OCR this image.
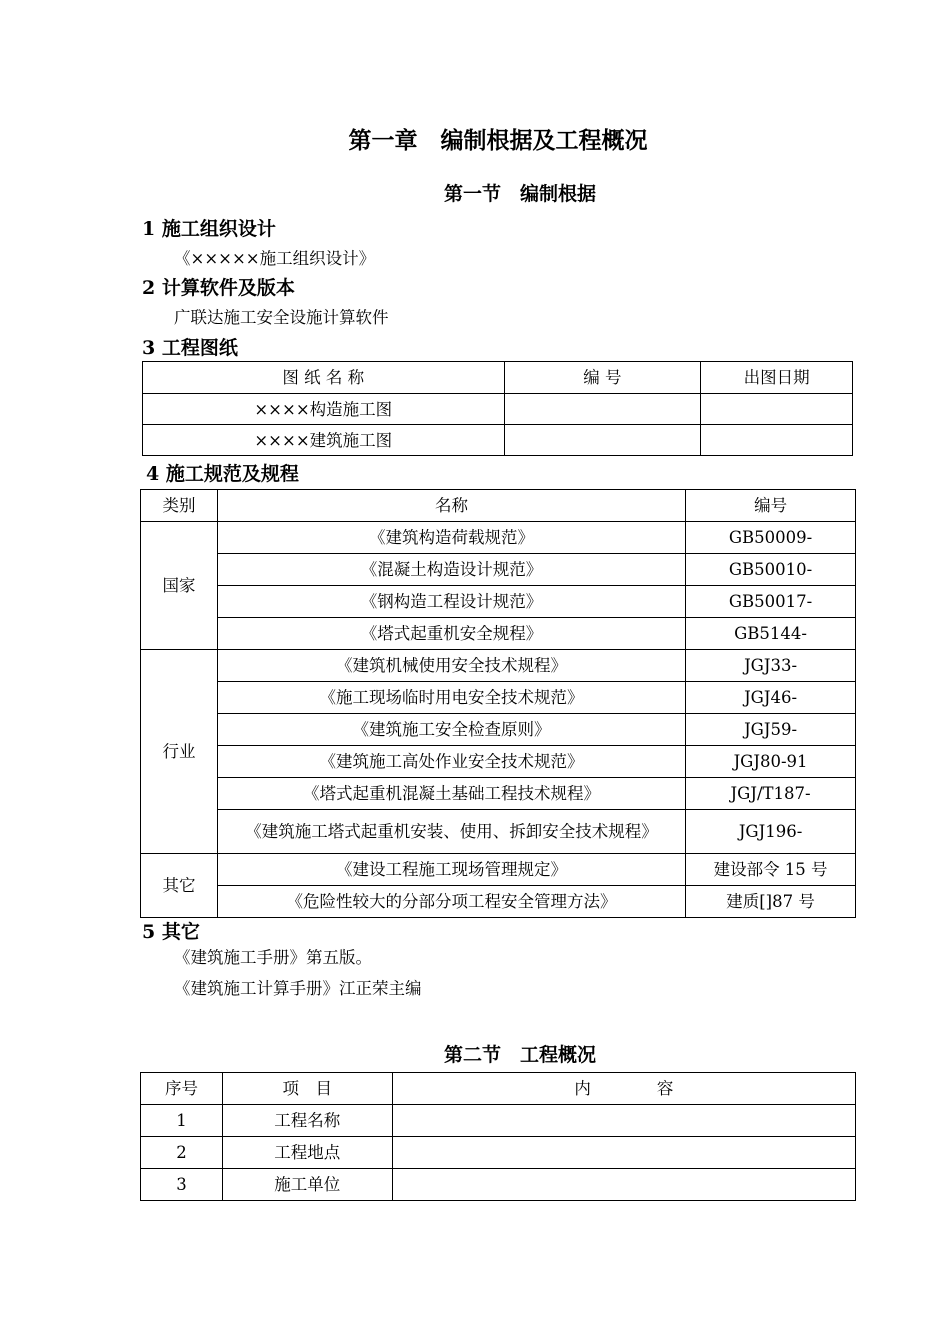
第一章　编制根据及工程概况
第一节　编制根据
1 施工组织设计
《×××××施工组织设计》
2 计算软件及版本
广联达施工安全设施计算软件
3 工程图纸
图 纸 名 称	编 号	出图日期
××××构造施工图		
××××建筑施工图		
4 施工规范及规程
类别	名称	编号
国家	《建筑构造荷载规范》	GB50009-
	《混凝土构造设计规范》	GB50010-
	《钢构造工程设计规范》	GB50017-
	《塔式起重机安全规程》	GB5144-
行业	《建筑机械使用安全技术规程》	JGJ33-
	《施工现场临时用电安全技术规范》	JGJ46-
	《建筑施工安全检查原则》	JGJ59-
	《建筑施工高处作业安全技术规范》	JGJ80-91
	《塔式起重机混凝土基础工程技术规程》	JGJ/T187-
	《建筑施工塔式起重机安装、使用、拆卸安全技术规程》	JGJ196-
其它	《建设工程施工现场管理规定》	建设部令 15 号
	《危险性较大的分部分项工程安全管理方法》	建质[]87 号
5 其它
《建筑施工手册》第五版。
《建筑施工计算手册》江正荣主编
第二节　工程概况
序号	项　目	内　　　　容
1	工程名称	
2	工程地点	
3	施工单位	
